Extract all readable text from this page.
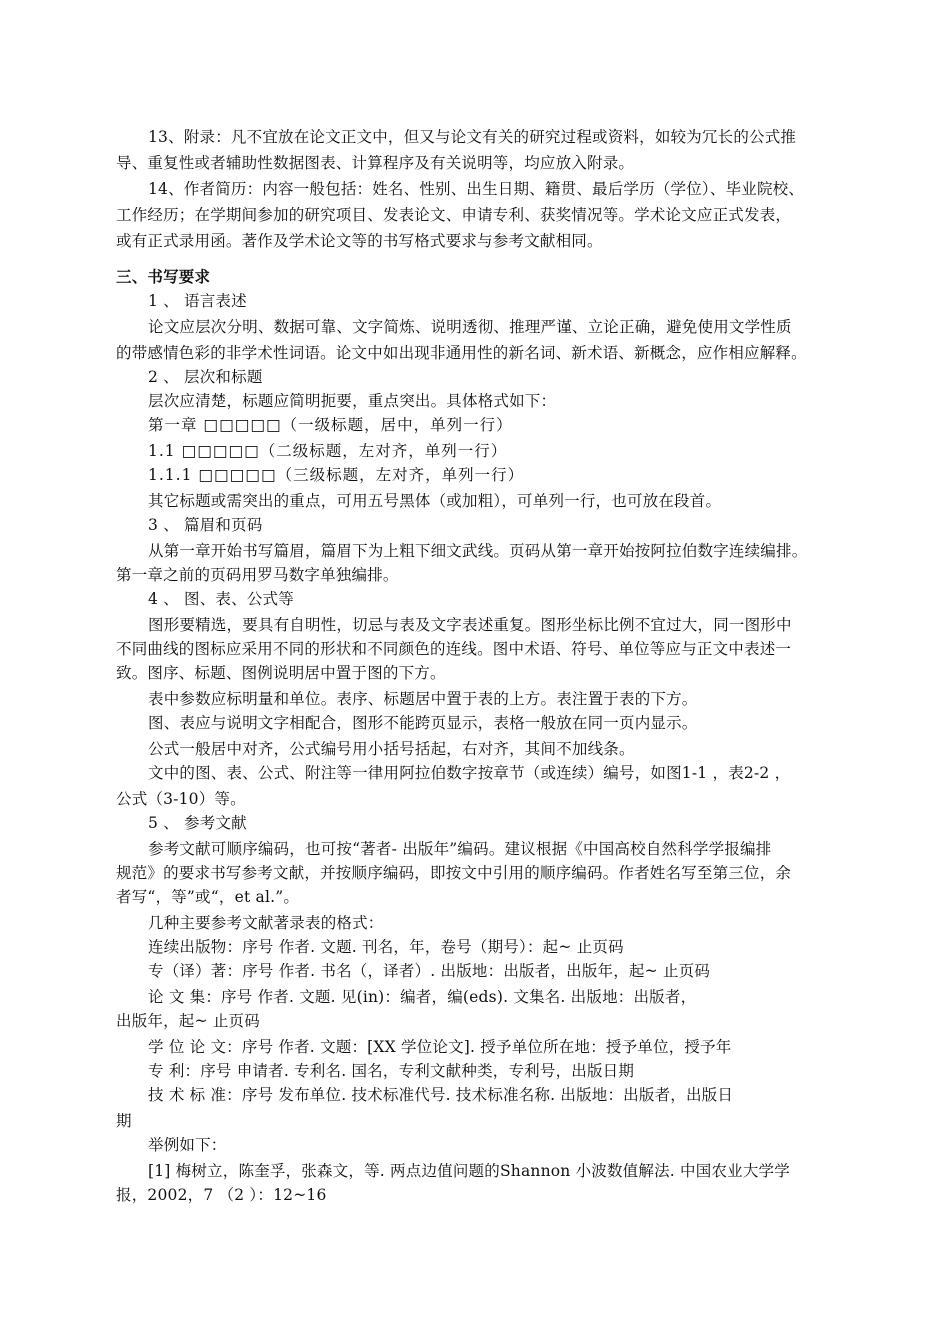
13、附录：凡不宜放在论文正文中，但又与论文有关的研究过程或资料，如较为冗长的公式推
导、重复性或者辅助性数据图表、计算程序及有关说明等，均应放入附录。
14、作者简历：内容一般包括：姓名、性别、出生日期、籍贯、最后学历（学位）、毕业院校、
工作经历；在学期间参加的研究项目、发表论文、申请专利、获奖情况等。学术论文应正式发表，
或有正式录用函。著作及学术论文等的书写格式要求与参考文献相同。
三、书写要求
1 、 语言表述
论文应层次分明、数据可靠、文字简炼、说明透彻、推理严谨、立论正确，避免使用文学性质
的带感情色彩的非学术性词语。论文中如出现非通用性的新名词、新术语、新概念，应作相应解释。
2 、 层次和标题
层次应清楚，标题应简明扼要，重点突出。具体格式如下：
第一章 □□□□□（一级标题，居中，单列一行）
1.1 □□□□□（二级标题，左对齐，单列一行）
1.1.1 □□□□□（三级标题，左对齐，单列一行）
其它标题或需突出的重点，可用五号黑体（或加粗），可单列一行，也可放在段首。
3 、 篇眉和页码
从第一章开始书写篇眉，篇眉下为上粗下细文武线。页码从第一章开始按阿拉伯数字连续编排。
第一章之前的页码用罗马数字单独编排。
4 、 图、表、公式等
图形要精选，要具有自明性，切忌与表及文字表述重复。图形坐标比例不宜过大，同一图形中
不同曲线的图标应采用不同的形状和不同颜色的连线。图中术语、符号、单位等应与正文中表述一
致。图序、标题、图例说明居中置于图的下方。
表中参数应标明量和单位。表序、标题居中置于表的上方。表注置于表的下方。
图、表应与说明文字相配合，图形不能跨页显示，表格一般放在同一页内显示。
公式一般居中对齐，公式编号用小括号括起，右对齐，其间不加线条。
文中的图、表、公式、附注等一律用阿拉伯数字按章节（或连续）编号，如图1-1 ，表2-2 ，
公式（3-10）等。
5 、 参考文献
参考文献可顺序编码，也可按“著者- 出版年”编码。建议根据《中国高校自然科学学报编排
规范》的要求书写参考文献，并按顺序编码，即按文中引用的顺序编码。作者姓名写至第三位，余
者写“，等”或“，et al.”。
几种主要参考文献著录表的格式：
连续出版物：序号 作者. 文题. 刊名，年，卷号（期号）：起~ 止页码
专（译）著：序号 作者. 书名（，译者）. 出版地：出版者，出版年，起~ 止页码
论 文 集：序号 作者. 文题. 见(in)：编者，编(eds). 文集名. 出版地：出版者，
出版年，起~ 止页码
学 位 论 文：序号 作者. 文题：[XX 学位论文]. 授予单位所在地：授予单位，授予年
专 利：序号 申请者. 专利名. 国名，专利文献种类，专利号，出版日期
技 术 标 准：序号 发布单位. 技术标准代号. 技术标准名称. 出版地：出版者，出版日
期
举例如下：
[1] 梅树立，陈奎孚，张森文，等. 两点边值问题的Shannon 小波数值解法. 中国农业大学学
报，2002，7 （2 ）：12~16
